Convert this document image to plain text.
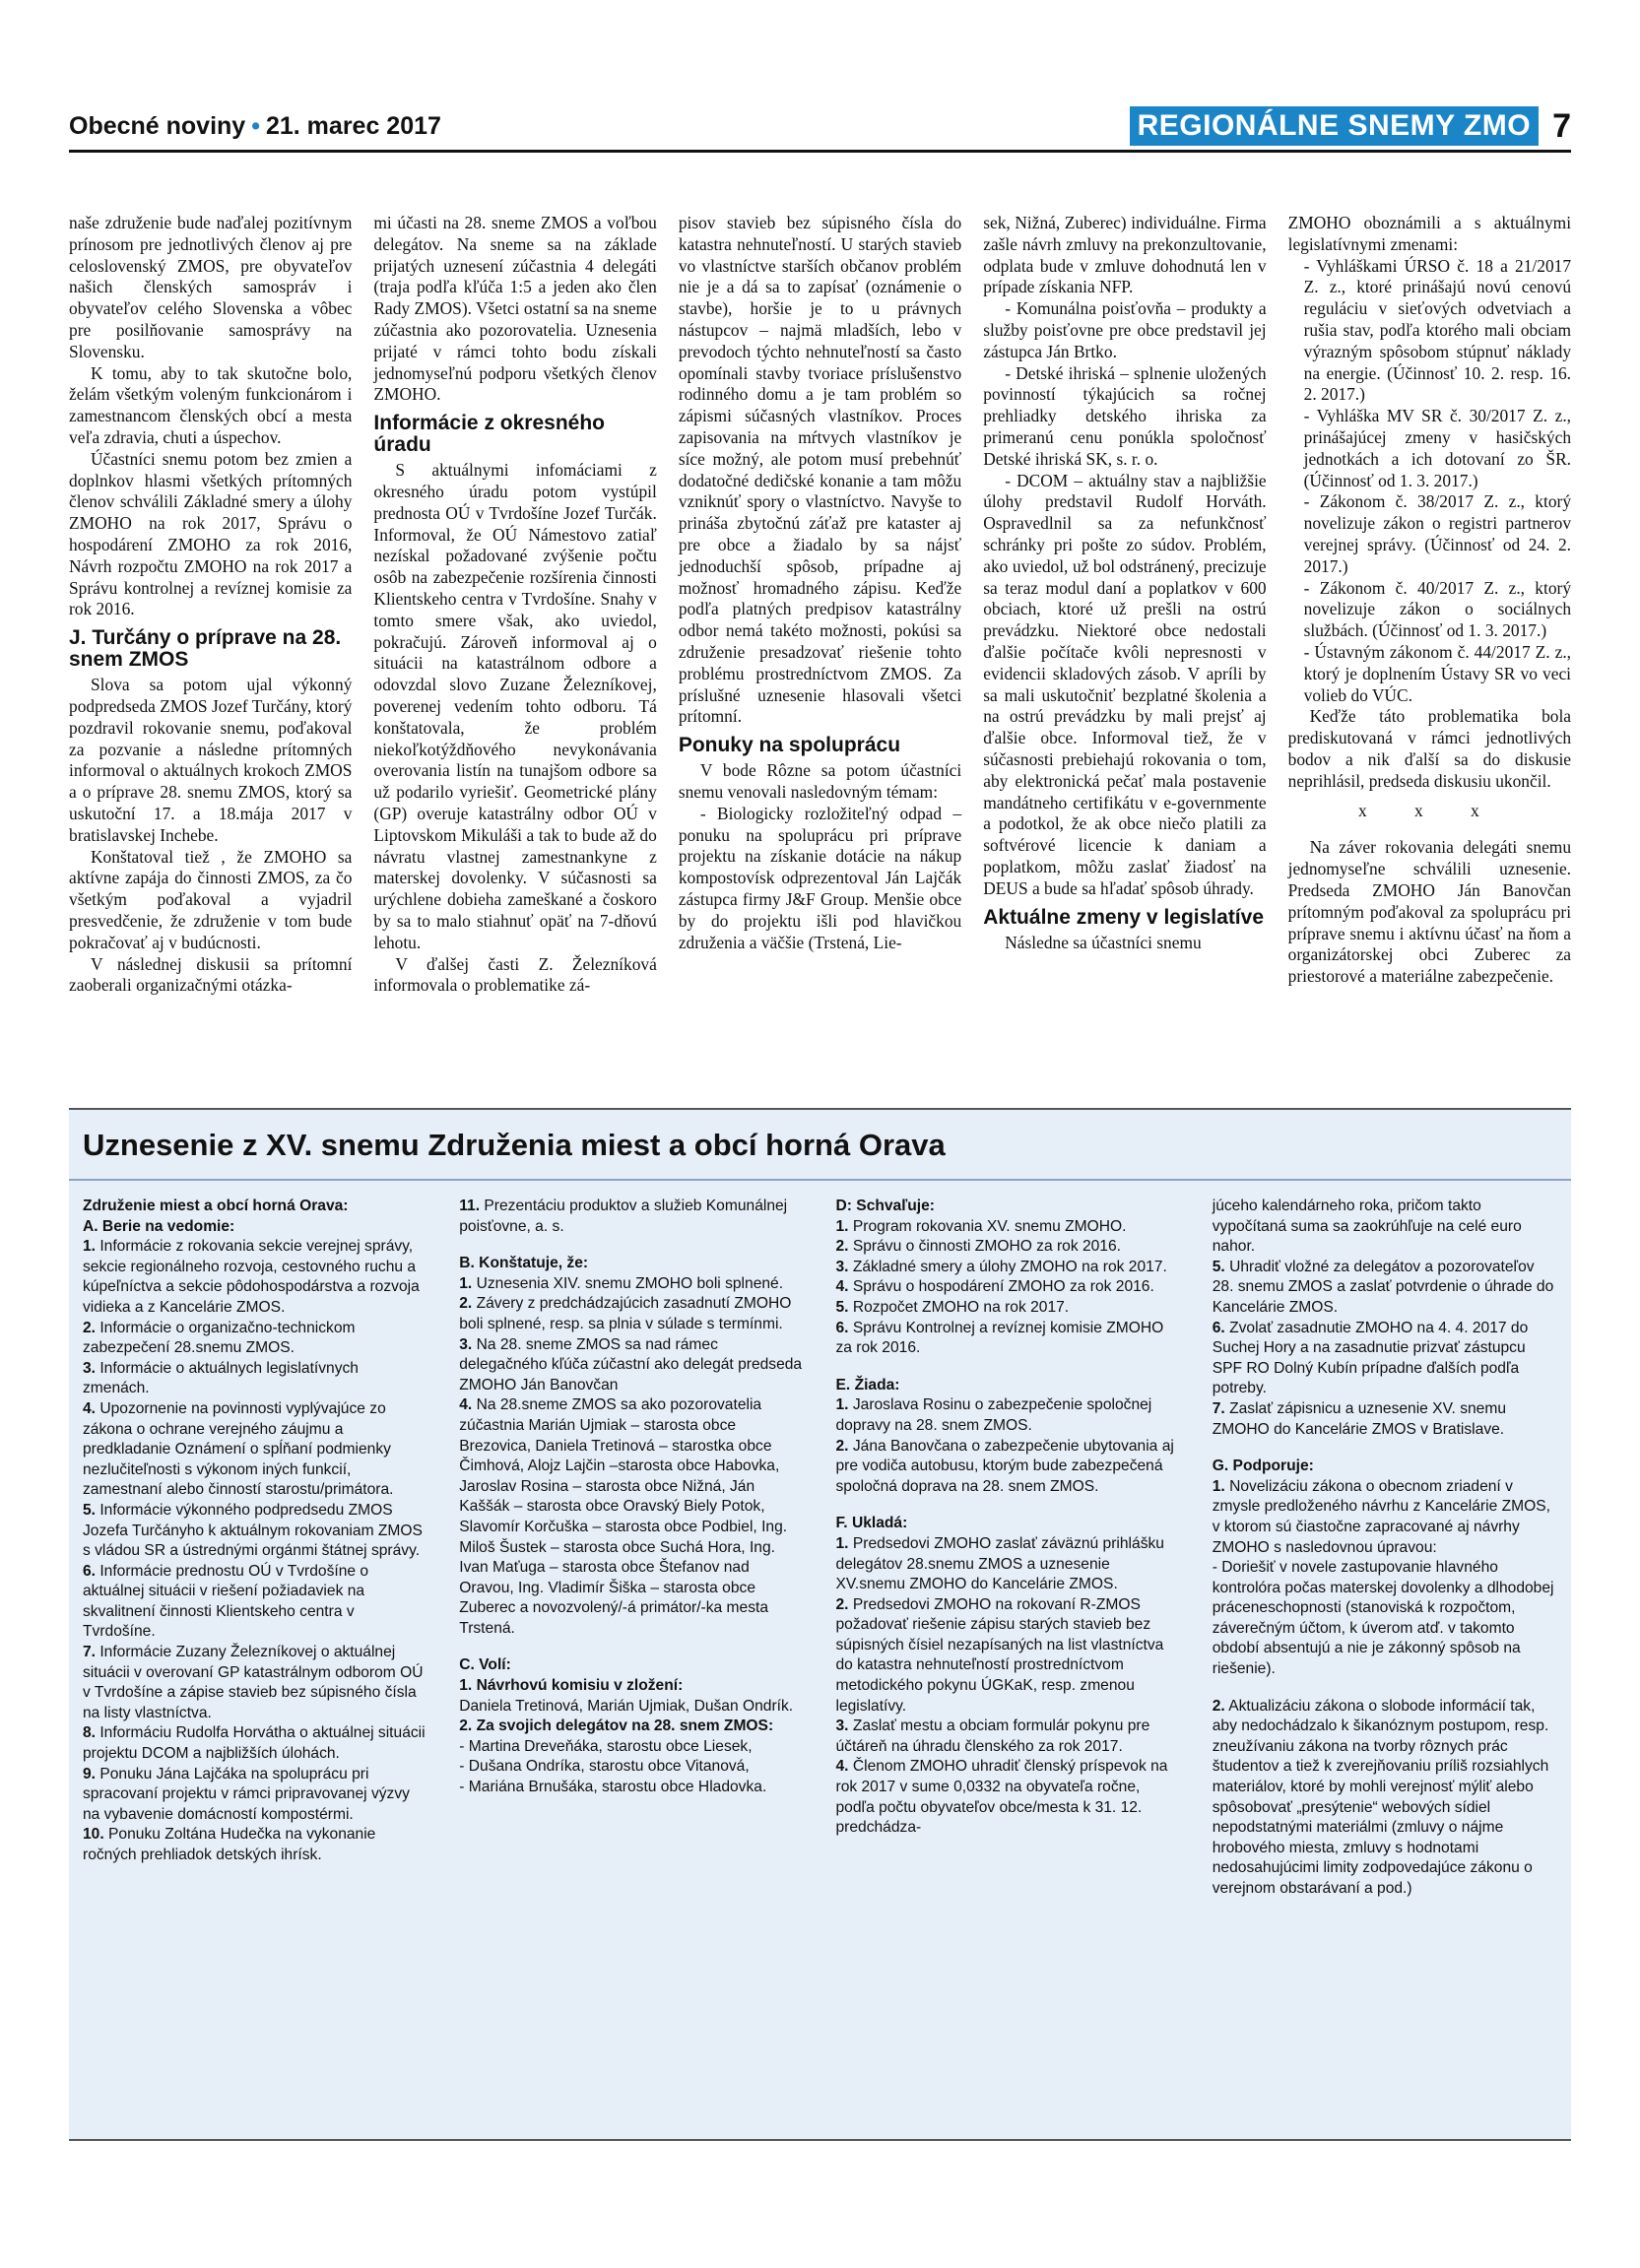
Obecné noviny • 21. marec 2017	REGIONÁLNE SNEMY ZMO 7

naše združenie bude naďalej pozitívnym prínosom pre jednotlivých členov aj pre celoslovenský ZMOS, pre obyvateľov našich členských samospráv i obyvateľov celého Slovenska a vôbec pre posilňovanie samosprávy na Slovensku.

K tomu, aby to tak skutočne bolo, želám všetkým voleným funkcionárom i zamestnancom členských obcí a mesta veľa zdravia, chuti a úspechov.

Účastníci snemu potom bez zmien a doplnkov hlasmi všetkých prítomných členov schválili Základné smery a úlohy ZMOHO na rok 2017, Správu o hospodárení ZMOHO za rok 2016, Návrh rozpočtu ZMOHO na rok 2017 a Správu kontrolnej a revíznej komisie za rok 2016.

J. Turčány o príprave na 28. snem ZMOS

Slova sa potom ujal výkonný podpredseda ZMOS Jozef Turčány, ktorý pozdravil rokovanie snemu, poďakoval za pozvanie a následne prítomných informoval o aktuálnych krokoch ZMOS a o príprave 28. snemu ZMOS, ktorý sa uskutoční 17. a 18.mája 2017 v bratislavskej Inchebe.

Konštatoval tiež , že ZMOHO sa aktívne zapája do činnosti ZMOS, za čo všetkým poďakoval a vyjadril presvedčenie, že združenie v tom bude pokračovať aj v budúcnosti.

V následnej diskusii sa prítomní zaoberali organizačnými otázka-

mi účasti na 28. sneme ZMOS a voľbou delegátov. Na sneme sa na základe prijatých uznesení zúčastnia 4 delegáti (traja podľa kľúča 1:5 a jeden ako člen Rady ZMOS). Všetci ostatní sa na sneme zúčastnia ako pozorovatelia. Uznesenia prijaté v rámci tohto bodu získali jednomyseľnú podporu všetkých členov ZMOHO.

Informácie z okresného úradu

S aktuálnymi infomáciami z okresného úradu potom vystúpil prednosta OÚ v Tvrdošíne Jozef Turčák. Informoval, že OÚ Námestovo zatiaľ nezískal požadované zvýšenie počtu osôb na zabezpečenie rozšírenia činnosti Klientskeho centra v Tvrdošíne. Snahy v tomto smere však, ako uviedol, pokračujú. Zároveň informoval aj o situácii na katastrálnom odbore a odovzdal slovo Zuzane Železníkovej, poverenej vedením tohto odboru. Tá konštatovala, že problém niekoľkotýždňového nevykonávania overovania listín na tunajšom odbore sa už podarilo vyriešiť. Geometrické plány (GP) overuje katastrálny odbor OÚ v Liptovskom Mikuláši a tak to bude až do návratu vlastnej zamestnankyne z materskej dovolenky. V súčasnosti sa urýchlene dobieha zameškané a čoskoro by sa to malo stiahnuť opäť na 7-dňovú lehotu.

V ďalšej časti Z. Železníková informovala o problematike zá-

pisov stavieb bez súpisného čísla do katastra nehnuteľností. U starých stavieb vo vlastníctve starších občanov problém nie je a dá sa to zapísať (oznámenie o stavbe), horšie je to u právnych nástupcov – najmä mladších, lebo v prevodoch týchto nehnuteľností sa často opomínali stavby tvoriace príslušenstvo rodinného domu a je tam problém so zápismi súčasných vlastníkov. Proces zapisovania na mŕtvych vlastníkov je síce možný, ale potom musí prebehnúť dodatočné dedičské konanie a tam môžu vzniknúť spory o vlastníctvo. Navyše to prináša zbytočnú záťaž pre kataster aj pre obce a žiadalo by sa nájsť jednoduchší spôsob, prípadne aj možnosť hromadného zápisu. Keďže podľa platných predpisov katastrálny odbor nemá takéto možnosti, pokúsi sa združenie presadzovať riešenie tohto problému prostredníctvom ZMOS. Za príslušné uznesenie hlasovali všetci prítomní.

Ponuky na spoluprácu

V bode Rôzne sa potom účastníci snemu venovali nasledovným témam:

- Biologicky rozložiteľný odpad – ponuku na spoluprácu pri príprave projektu na získanie dotácie na nákup kompostovísk odprezentoval Ján Lajčák zástupca firmy J&F Group. Menšie obce by do projektu išli pod hlavičkou združenia a väčšie (Trstená, Lie-

sek, Nižná, Zuberec) individuálne. Firma zašle návrh zmluvy na prekonzultovanie, odplata bude v zmluve dohodnutá len v prípade získania NFP.

- Komunálna poisťovňa – produkty a služby poisťovne pre obce predstavil jej zástupca Ján Brtko.

- Detské ihriská – splnenie uložených povinností týkajúcich sa ročnej prehliadky detského ihriska za primeranú cenu ponúkla spoločnosť Detské ihriská SK, s. r. o.

- DCOM – aktuálny stav a najbližšie úlohy predstavil Rudolf Horváth. Ospravedlnil sa za nefunkčnosť schránky pri pošte zo súdov. Problém, ako uviedol, už bol odstránený, precizuje sa teraz modul daní a poplatkov v 600 obciach, ktoré už prešli na ostrú prevádzku. Niektoré obce nedostali ďalšie počítače kvôli nepresnosti v evidencii skladových zásob. V apríli by sa mali uskutočniť bezplatné školenia a na ostrú prevádzku by mali prejsť aj ďalšie obce. Informoval tiež, že v súčasnosti prebiehajú rokovania o tom, aby elektronická pečať mala postavenie mandátneho certifikátu v e-governmente a podotkol, že ak obce niečo platili za softvérové licencie k daniam a poplatkom, môžu zaslať žiadosť na DEUS a bude sa hľadať spôsob úhrady.

Aktuálne zmeny v legislatíve

Následne sa účastníci snemu

ZMOHO oboznámili a s aktuálnymi legislatívnymi zmenami:

- Vyhláškami ÚRSO č. 18 a 21/2017 Z. z., ktoré prinášajú novú cenovú reguláciu v sieťových odvetviach a rušia stav, podľa ktorého mali obciam výrazným spôsobom stúpnuť náklady na energie. (Účinnosť 10. 2. resp. 16. 2. 2017.)

- Vyhláška MV SR č. 30/2017 Z. z., prinášajúcej zmeny v hasičských jednotkách a ich dotovaní zo ŠR. (Účinnosť od 1. 3. 2017.)

- Zákonom č. 38/2017 Z. z., ktorý novelizuje zákon o registri partnerov verejnej správy. (Účinnosť od 24. 2. 2017.)

- Zákonom č. 40/2017 Z. z., ktorý novelizuje zákon o sociálnych službách. (Účinnosť od 1. 3. 2017.)

- Ústavným zákonom č. 44/2017 Z. z., ktorý je doplnením Ústavy SR vo veci volieb do VÚC.

Keďže táto problematika bola prediskutovaná v rámci jednotlivých bodov a nik ďalší sa do diskusie neprihlásil, predseda diskusiu ukončil.

x x x

Na záver rokovania delegáti snemu jednomyseľne schválili uznesenie. Predseda ZMOHO Ján Banovčan prítomným poďakoval za spoluprácu pri príprave snemu i aktívnu účasť na ňom a organizátorskej obci Zuberec za priestorové a materiálne zabezpečenie.

Uznesenie z XV. snemu Združenia miest a obcí horná Orava

Združenie miest a obcí horná Orava:

A. Berie na vedomie:

1. Informácie z rokovania sekcie verejnej správy, sekcie regionálneho rozvoja, cestovného ruchu a kúpeľníctva a sekcie pôdohospodárstva a rozvoja vidieka a z Kancelárie ZMOS.

2. Informácie o organizačno-technickom zabezpečení 28.snemu ZMOS.

3. Informácie o aktuálnych legislatívnych zmenách.

4. Upozornenie na povinnosti vyplývajúce zo zákona o ochrane verejného záujmu a predkladanie Oznámení o spĺňaní podmienky nezlučiteľnosti s výkonom iných funkcií, zamestnaní alebo činností starostu/primátora.

5. Informácie výkonného podpredsedu ZMOS Jozefa Turčányho k aktuálnym rokovaniam ZMOS s vládou SR a ústrednými orgánmi štátnej správy.

6. Informácie prednostu OÚ v Tvrdošíne o aktuálnej situácii v riešení požiadaviek na skvalitnení činnosti Klientskeho centra v Tvrdošíne.

7. Informácie Zuzany Železníkovej o aktuálnej situácii v overovaní GP katastrálnym odborom OÚ v Tvrdošíne a zápise stavieb bez súpisného čísla na listy vlastníctva.

8. Informáciu Rudolfa Horvátha o aktuálnej situácii projektu DCOM a najbližších úlohách.

9. Ponuku Jána Lajčáka na spoluprácu pri spracovaní projektu v rámci pripravovanej výzvy na vybavenie domácností kompostérmi.

10. Ponuku Zoltána Hudečka na vykonanie ročných prehliadok detských ihrísk.

11. Prezentáciu produktov a služieb Komunálnej poisťovne, a. s.

B. Konštatuje, že:

1. Uznesenia XIV. snemu ZMOHO boli splnené.

2. Závery z predchádzajúcich zasadnutí ZMOHO boli splnené, resp. sa plnia v súlade s termínmi.

3. Na 28. sneme ZMOS sa nad rámec delegačného kľúča zúčastní ako delegát predseda ZMOHO Ján Banovčan

4. Na 28.sneme ZMOS sa ako pozorovatelia zúčastnia Marián Ujmiak – starosta obce Brezovica, Daniela Tretinová – starostka obce Čimhová, Alojz Lajčin –starosta obce Habovka, Jaroslav Rosina – starosta obce Nižná, Ján Kaššák – starosta obce Oravský Biely Potok, Slavomír Korčuška – starosta obce Podbiel, Ing. Miloš Šustek – starosta obce Suchá Hora, Ing. Ivan Maťuga – starosta obce Štefanov nad Oravou, Ing. Vladimír Šiška – starosta obce Zuberec a novozvolený/-á primátor/-ka mesta Trstená.

C. Volí:

1. Návrhovú komisiu v zložení:

Daniela Tretinová, Marián Ujmiak, Dušan Ondrík.

2. Za svojich delegátov na 28. snem ZMOS:

- Martina Dreveňáka, starostu obce Liesek,

- Dušana Ondríka, starostu obce Vitanová,

- Mariána Brnušáka, starostu obce Hladovka.

D: Schvaľuje:

1. Program rokovania XV. snemu ZMOHO.

2. Správu o činnosti ZMOHO za rok 2016.

3. Základné smery a úlohy ZMOHO na rok 2017.

4. Správu o hospodárení ZMOHO za rok 2016.

5. Rozpočet ZMOHO na rok 2017.

6. Správu Kontrolnej a revíznej komisie ZMOHO za rok 2016.

E. Žiada:

1. Jaroslava Rosinu o zabezpečenie spoločnej dopravy na 28. snem ZMOS.

2. Jána Banovčana o zabezpečenie ubytovania aj pre vodiča autobusu, ktorým bude zabezpečená spoločná doprava na 28. snem ZMOS.

F. Ukladá:

1. Predsedovi ZMOHO zaslať záväznú prihlášku delegátov 28.snemu ZMOS a uznesenie XV.snemu ZMOHO do Kancelárie ZMOS.

2. Predsedovi ZMOHO na rokovaní R-ZMOS požadovať riešenie zápisu starých stavieb bez súpisných čísiel nezapísaných na list vlastníctva do katastra nehnuteľností prostredníctvom metodického pokynu ÚGKaK, resp. zmenou legislatívy.

3. Zaslať mestu a obciam formulár pokynu pre účtáreň na úhradu členského za rok 2017.

4. Členom ZMOHO uhradiť členský príspevok na rok 2017 v sume 0,0332 na obyvateľa ročne, podľa počtu obyvateľov obce/mesta k 31. 12. predchádza-

júceho kalendárneho roka, pričom takto vypočítaná suma sa zaokrúhľuje na celé euro nahor.

5. Uhradiť vložné za delegátov a pozorovateľov 28. snemu ZMOS a zaslať potvrdenie o úhrade do Kancelárie ZMOS.

6. Zvolať zasadnutie ZMOHO na 4. 4. 2017 do Suchej Hory a na zasadnutie prizvať zástupcu SPF RO Dolný Kubín prípadne ďalších podľa potreby.

7. Zaslať zápisnicu a uznesenie XV. snemu ZMOHO do Kancelárie ZMOS v Bratislave.

G. Podporuje:

1. Novelizáciu zákona o obecnom zriadení v zmysle predloženého návrhu z Kancelárie ZMOS, v ktorom sú čiastočne zapracované aj návrhy ZMOHO s nasledovnou úpravou:

- Doriešiť v novele zastupovanie hlavného kontrolóra počas materskej dovolenky a dlhodobej práceneschopnosti (stanoviská k rozpočtom, záverečným účtom, k úverom atď. v takomto období absentujú a nie je zákonný spôsob na riešenie).

2. Aktualizáciu zákona o slobode informácií tak, aby nedochádzalo k šikanóznym postupom, resp. zneužívaniu zákona na tvorby rôznych prác študentov a tiež k zverejňovaniu príliš rozsiahlych materiálov, ktoré by mohli verejnosť mýliť alebo spôsobovať „presýtenie“ webových sídiel nepodstatnými materiálmi (zmluvy o nájme hrobového miesta, zmluvy s hodnotami nedosahujúcimi limity zodpovedajúce zákonu o verejnom obstarávaní a pod.)
